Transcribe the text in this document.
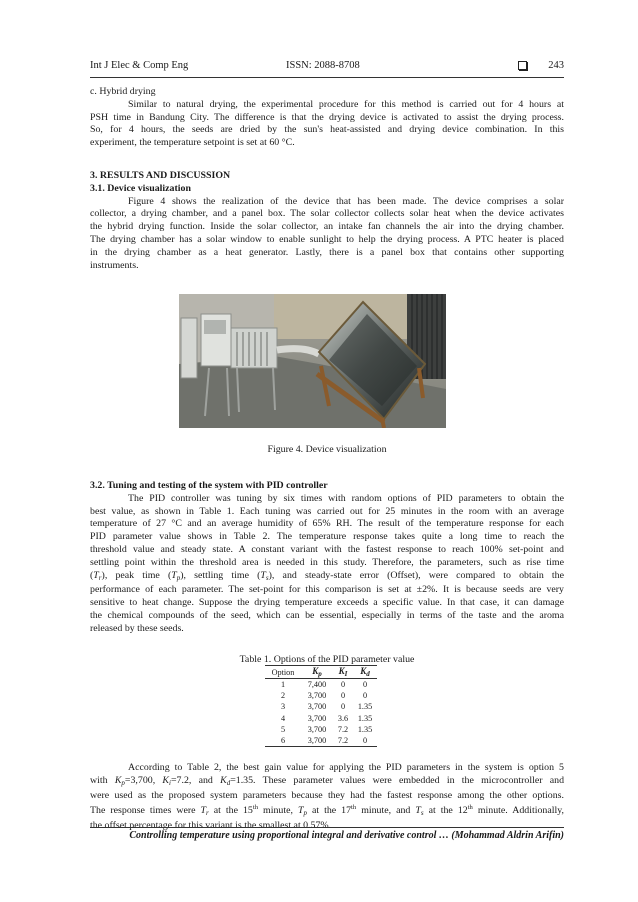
Int J Elec & Comp Eng	ISSN: 2088-8708	243
c. Hybrid drying
Similar to natural drying, the experimental procedure for this method is carried out for 4 hours at
PSH time in Bandung City. The difference is that the drying device is activated to assist the drying process.
So, for 4 hours, the seeds are dried by the sun's heat-assisted and drying device combination. In this
experiment, the temperature setpoint is set at 60 °C.
3. RESULTS AND DISCUSSION
3.1. Device visualization
Figure 4 shows the realization of the device that has been made. The device comprises a solar
collector, a drying chamber, and a panel box. The solar collector collects solar heat when the device activates
the hybrid drying function. Inside the solar collector, an intake fan channels the air into the drying chamber.
The drying chamber has a solar window to enable sunlight to help the drying process. A PTC heater is placed
in the drying chamber as a heat generator. Lastly, there is a panel box that contains other supporting
instruments.
Figure 4. Device visualization
3.2. Tuning and testing of the system with PID controller
The PID controller was tuning by six times with random options of PID parameters to obtain the
best value, as shown in Table 1. Each tuning was carried out for 25 minutes in the room with an average
temperature of 27 °C and an average humidity of 65% RH. The result of the temperature response for each
PID parameter value shows in Table 2. The temperature response takes quite a long time to reach the
threshold value and steady state. A constant variant with the fastest response to reach 100% set-point and
settling point within the threshold area is needed in this study. Therefore, the parameters, such as rise time
$(T_r)$, peak time $(T_p)$, settling time $(T_s)$, and steady-state error (Offset), were compared to obtain the
performance of each parameter. The set-point for this comparison is set at ±2%. It is because seeds are very
sensitive to heat change. Suppose the drying temperature exceeds a specific value. In that case, it can damage
the chemical compounds of the seed, which can be essential, especially in terms of the taste and the aroma
released by these seeds.
Table 1. Options of the PID parameter value
Option	$K_p$	$K_I$	$K_d$
1	7,400	0	0
2	3,700	0	0
3	3,700	0	1.35
4	3,700	3.6	1.35
5	3,700	7.2	1.35
6	3,700	7.2	0
According to Table 2, the best gain value for applying the PID parameters in the system is option 5
with $K_p=3,700$, $K_i=7.2$, and $K_d=1.35$. These parameter values were embedded in the microcontroller and
were used as the proposed system parameters because they had the fastest response among the other options.
The response times were $T_r$ at the 15th minute, $T_p$ at the 17th minute, and $T_s$ at the 12th minute. Additionally,
the offset percentage for this variant is the smallest at 0.57%.
Controlling temperature using proportional integral and derivative control … (Mohammad Aldrin Arifin)
